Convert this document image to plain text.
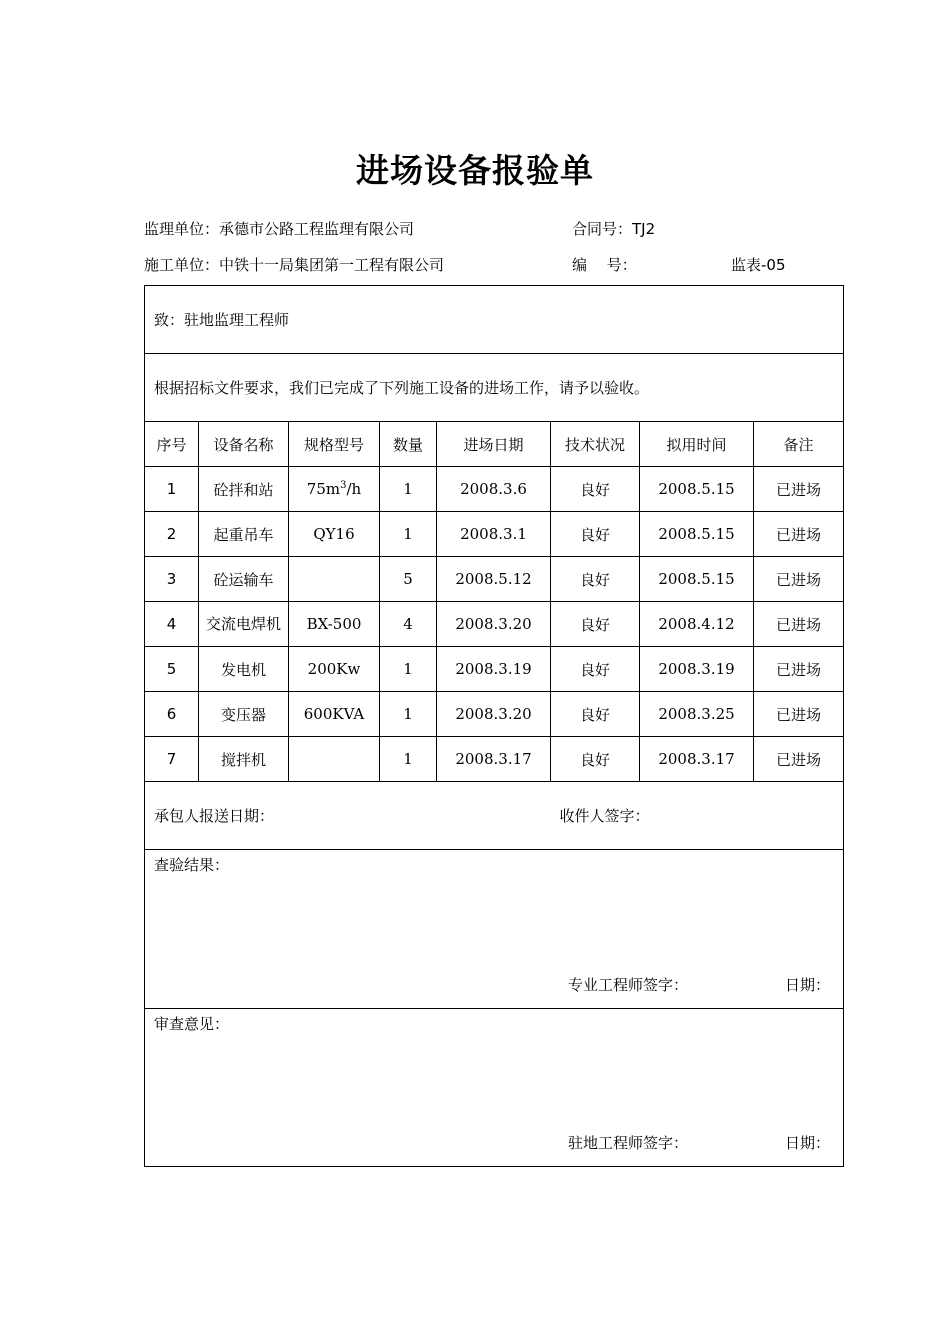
进场设备报验单
监理单位：承德市公路工程监理有限公司	合同号：TJ2
施工单位：中铁十一局集团第一工程有限公司	编　 号：	监表-05
致：驻地监理工程师							
根据招标文件要求，我们已完成了下列施工设备的进场工作，请予以验收。							
序号	设备名称	规格型号	数量	进场日期	技术状况	拟用时间	备注
1	砼拌和站	$75m^3/h$	1	2008.3.6	良好	2008.5.15	已进场
2	起重吊车	QY16	1	2008.3.1	良好	2008.5.15	已进场
3	砼运输车		5	2008.5.12	良好	2008.5.15	已进场
4	交流电焊机	BX-500	4	2008.3.20	良好	2008.4.12	已进场
5	发电机	200Kw	1	2008.3.19	良好	2008.3.19	已进场
6	变压器	600KVA	1	2008.3.20	良好	2008.3.25	已进场
7	搅拌机		1	2008.3.17	良好	2008.3.17	已进场
承包人报送日期：					收件人签字：		

查验结果：
专业工程师签字： 日期：							

审查意见：
驻地工程师签字： 日期：							
